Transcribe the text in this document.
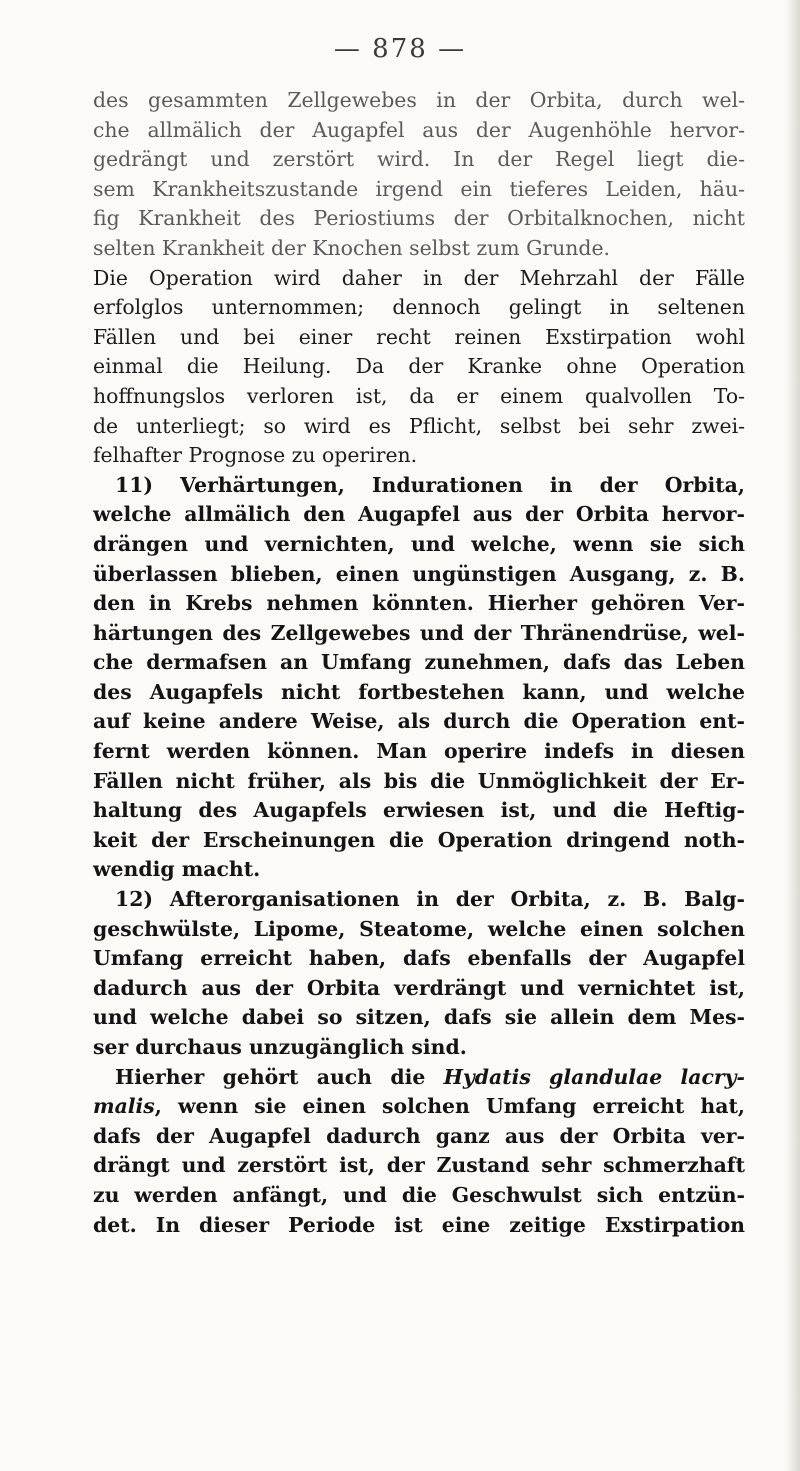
— 878 —
des gesammten Zellgewebes in der Orbita, durch wel-
che allmälich der Augapfel aus der Augenhöhle hervor-
gedrängt und zerstört wird. In der Regel liegt die-
sem Krankheitszustande irgend ein tieferes Leiden, häu-
fig Krankheit des Periostiums der Orbitalknochen, nicht
selten Krankheit der Knochen selbst zum Grunde.
Die Operation wird daher in der Mehrzahl der Fälle
erfolglos unternommen; dennoch gelingt in seltenen
Fällen und bei einer recht reinen Exstirpation wohl
einmal die Heilung. Da der Kranke ohne Operation
hoffnungslos verloren ist, da er einem qualvollen To-
de unterliegt; so wird es Pflicht, selbst bei sehr zwei-
felhafter Prognose zu operiren.
11) Verhärtungen, Indurationen in der Orbita,
welche allmälich den Augapfel aus der Orbita hervor-
drängen und vernichten, und welche, wenn sie sich
überlassen blieben, einen ungünstigen Ausgang, z. B.
den in Krebs nehmen könnten. Hierher gehören Ver-
härtungen des Zellgewebes und der Thränendrüse, wel-
che dermafsen an Umfang zunehmen, dafs das Leben
des Augapfels nicht fortbestehen kann, und welche
auf keine andere Weise, als durch die Operation ent-
fernt werden können. Man operire indefs in diesen
Fällen nicht früher, als bis die Unmöglichkeit der Er-
haltung des Augapfels erwiesen ist, und die Heftig-
keit der Erscheinungen die Operation dringend noth-
wendig macht.
12) Afterorganisationen in der Orbita, z. B. Balg-
geschwülste, Lipome, Steatome, welche einen solchen
Umfang erreicht haben, dafs ebenfalls der Augapfel
dadurch aus der Orbita verdrängt und vernichtet ist,
und welche dabei so sitzen, dafs sie allein dem Mes-
ser durchaus unzugänglich sind.
Hierher gehört auch die Hydatis glandulae lacry-
malis, wenn sie einen solchen Umfang erreicht hat,
dafs der Augapfel dadurch ganz aus der Orbita ver-
drängt und zerstört ist, der Zustand sehr schmerzhaft
zu werden anfängt, und die Geschwulst sich entzün-
det. In dieser Periode ist eine zeitige Exstirpation
